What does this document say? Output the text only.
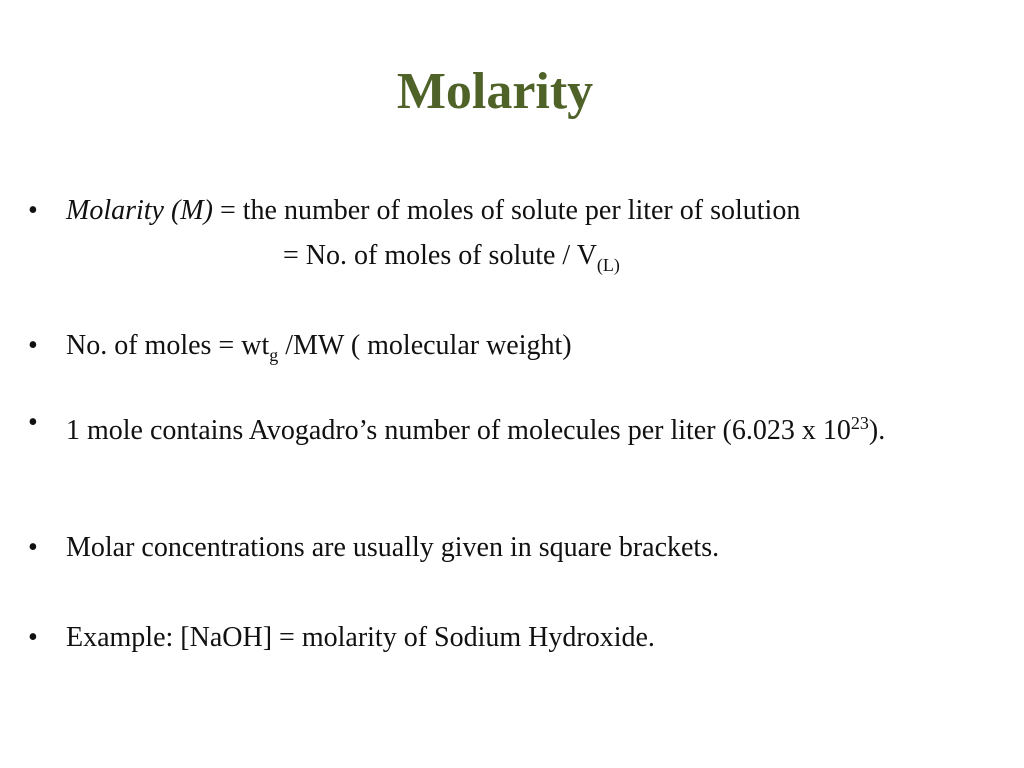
Molarity
•	Molarity (M) = the number of moles of solute per liter of solution
= No. of moles of solute / $V_{(L)}$
•	No. of moles = $wt_g$ /MW ( molecular weight)
•	1 mole contains Avogadro’s number of molecules per liter (6.023 x $10^{23}$).
•	Molar concentrations are usually given in square brackets.
•	Example: [NaOH] = molarity of Sodium Hydroxide.
